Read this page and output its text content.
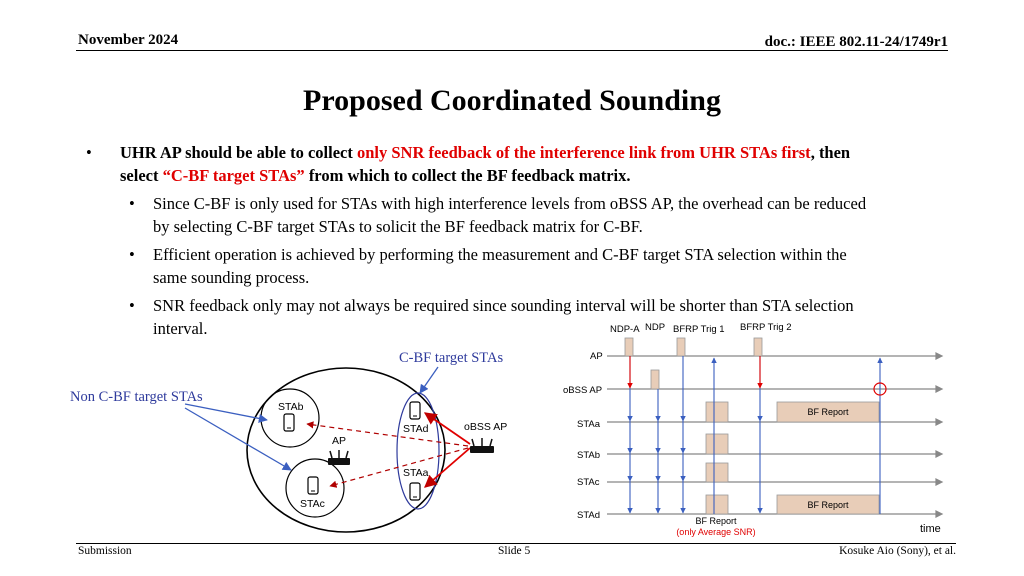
November 2024	doc.: IEEE 802.11-24/1749r1
Proposed Coordinated Sounding
• UHR AP should be able to collect only SNR feedback of the interference link from UHR STAs first, then
select “C-BF target STAs” from which to collect the BF feedback matrix.
• Since C-BF is only used for STAs with high interference levels from oBSS AP, the overhead can be reduced
by selecting C-BF target STAs to solicit the BF feedback matrix for C-BF.
• Efficient operation is achieved by performing the measurement and C-BF target STA selection within the
same sounding process.
• SNR feedback only may not always be required since sounding interval will be shorter than STA selection
interval.
C-BF target STAs
Non C-BF target STAs
STAb
AP
STAd	oBSS AP
STAa
STAc
NDP-A NDP BFRP Trig 1 BFRP Trig 2
AP
oBSS AP
STAa
STAb
STAc
STAd
BF Report
BF Report
BF Report
(only Average SNR)	time
Submission	Slide 5	Kosuke Aio (Sony), et al.
